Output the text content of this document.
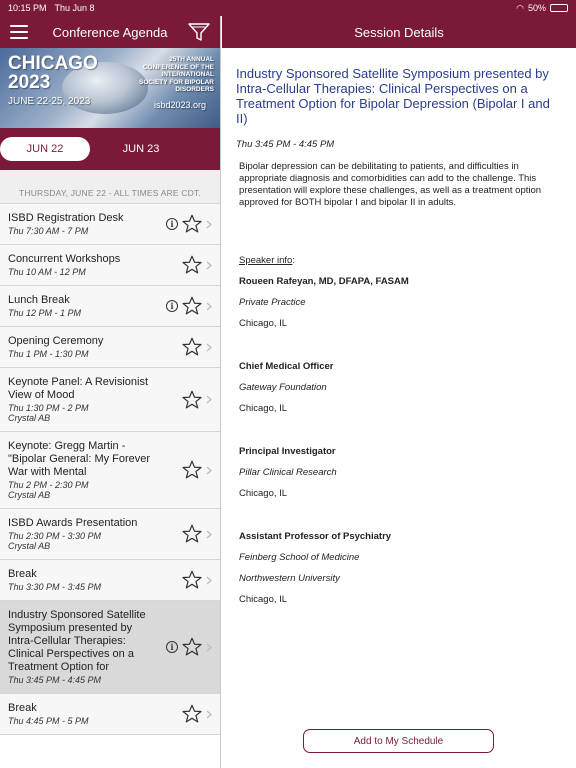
10:15 PM Thu Jun 8	◠ 50%
Conference Agenda
CHICAGO
2023
JUNE 22-25, 2023
25TH ANNUAL CONFERENCE OF THE INTERNATIONAL SOCIETY FOR BIPOLAR DISORDERS
isbd2023.org
JUN 22	JUN 23
THURSDAY, JUNE 22 - ALL TIMES ARE CDT.
ISBD Registration Desk
Thu 7:30 AM - 7 PM
i
Concurrent Workshops
Thu 10 AM - 12 PM
Lunch Break
Thu 12 PM - 1 PM
i
Opening Ceremony
Thu 1 PM - 1:30 PM
Keynote Panel: A Revisionist View of Mood
Thu 1:30 PM - 2 PM
Crystal AB
Keynote: Gregg Martin - "Bipolar General: My Forever War with Mental
Thu 2 PM - 2:30 PM
Crystal AB
ISBD Awards Presentation
Thu 2:30 PM - 3:30 PM
Crystal AB
Break
Thu 3:30 PM - 3:45 PM
Industry Sponsored Satellite Symposium presented by Intra-Cellular Therapies: Clinical Perspectives on a Treatment Option for
Thu 3:45 PM - 4:45 PM
i
Break
Thu 4:45 PM - 5 PM
Session Details
Industry Sponsored Satellite Symposium presented by Intra-Cellular Therapies: Clinical Perspectives on a Treatment Option for Bipolar Depression (Bipolar I and II)
Thu 3:45 PM - 4:45 PM
Bipolar depression can be debilitating to patients, and difficulties in appropriate diagnosis and comorbidities can add to the challenge. This presentation will explore these challenges, as well as a treatment option approved for BOTH bipolar I and bipolar II in adults.
Speaker info:
Roueen Rafeyan, MD, DFAPA, FASAM
Private Practice
Chicago, IL
Chief Medical Officer
Gateway Foundation
Chicago, IL
Principal Investigator
Pillar Clinical Research
Chicago, IL
Assistant Professor of Psychiatry
Feinberg School of Medicine
Northwestern University
Chicago, IL
Add to My Schedule
